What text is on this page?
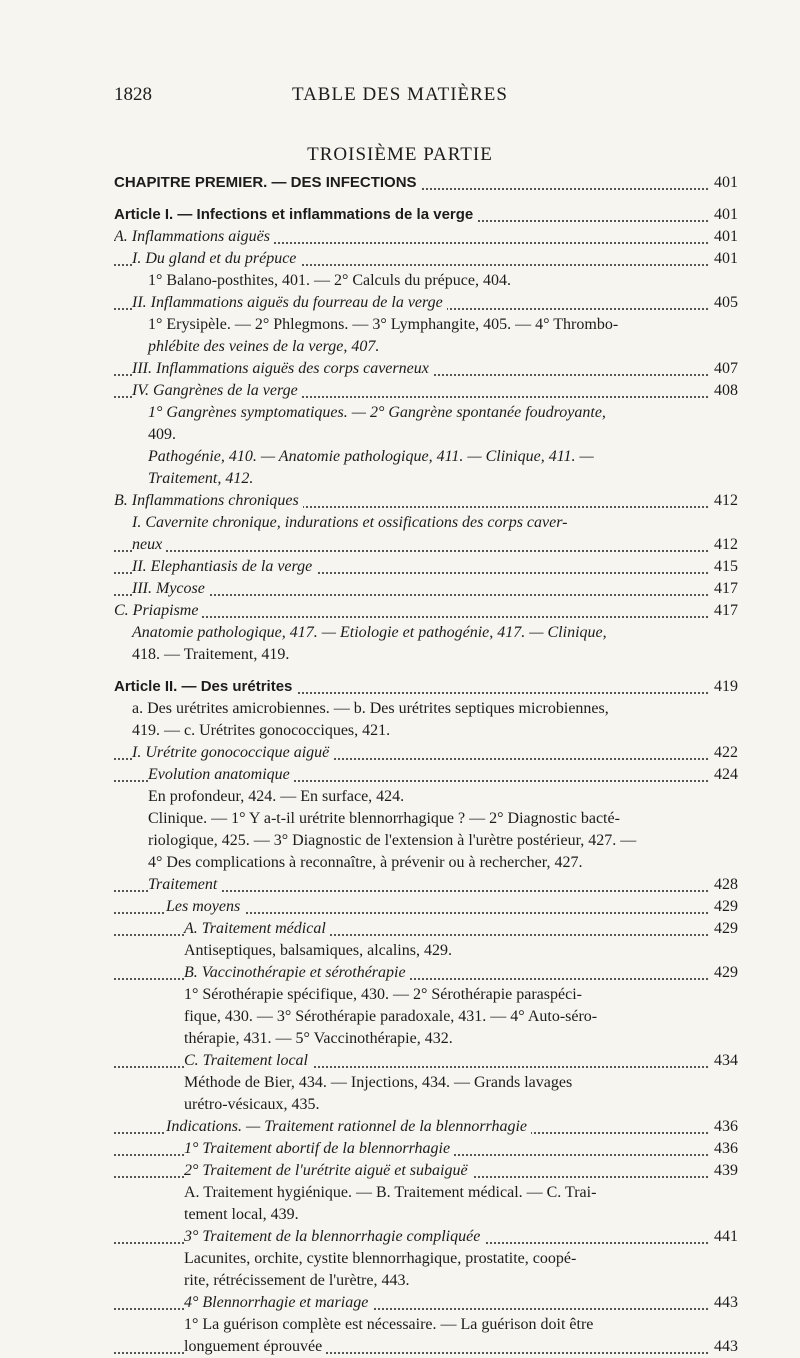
1828	TABLE DES MATIÈRES
TROISIÈME PARTIE
CHAPITRE PREMIER. — DES INFECTIONS	401
Article I. — Infections et inflammations de la verge	401
A. Inflammations aiguës	401
I. Du gland et du prépuce	401
1° Balano-posthites, 401. — 2° Calculs du prépuce, 404.
II. Inflammations aiguës du fourreau de la verge	405
1° Erysipèle. — 2° Phlegmons. — 3° Lymphangite, 405. — 4° Thrombo-
phlébite des veines de la verge, 407.
III. Inflammations aiguës des corps caverneux	407
IV. Gangrènes de la verge	408
1° Gangrènes symptomatiques. — 2° Gangrène spontanée foudroyante,
409.
Pathogénie, 410. — Anatomie pathologique, 411. — Clinique, 411. —
Traitement, 412.
B. Inflammations chroniques	412
I. Cavernite chronique, indurations et ossifications des corps caver-
neux	412
II. Elephantiasis de la verge	415
III. Mycose	417
C. Priapisme	417
Anatomie pathologique, 417. — Etiologie et pathogénie, 417. — Clinique,
418. — Traitement, 419.
Article II. — Des urétrites	419
a. Des urétrites amicrobiennes. — b. Des urétrites septiques microbiennes,
419. — c. Urétrites gonococciques, 421.
I. Urétrite gonococcique aiguë	422
Evolution anatomique	424
En profondeur, 424. — En surface, 424.
Clinique. — 1° Y a-t-il urétrite blennorrhagique ? — 2° Diagnostic bacté-
riologique, 425. — 3° Diagnostic de l'extension à l'urètre postérieur, 427. —
4° Des complications à reconnaître, à prévenir ou à rechercher, 427.
Traitement	428
Les moyens	429
A. Traitement médical	429
Antiseptiques, balsamiques, alcalins, 429.
B. Vaccinothérapie et sérothérapie	429
1° Sérothérapie spécifique, 430. — 2° Sérothérapie paraspéci-
fique, 430. — 3° Sérothérapie paradoxale, 431. — 4° Auto-séro-
thérapie, 431. — 5° Vaccinothérapie, 432.
C. Traitement local	434
Méthode de Bier, 434. — Injections, 434. — Grands lavages
urétro-vésicaux, 435.
Indications. — Traitement rationnel de la blennorrhagie	436
1° Traitement abortif de la blennorrhagie	436
2° Traitement de l'urétrite aiguë et subaiguë	439
A. Traitement hygiénique. — B. Traitement médical. — C. Trai-
tement local, 439.
3° Traitement de la blennorrhagie compliquée	441
Lacunites, orchite, cystite blennorrhagique, prostatite, coopé-
rite, rétrécissement de l'urètre, 443.
4° Blennorrhagie et mariage	443
1° La guérison complète est nécessaire. — La guérison doit être
longuement éprouvée	443
